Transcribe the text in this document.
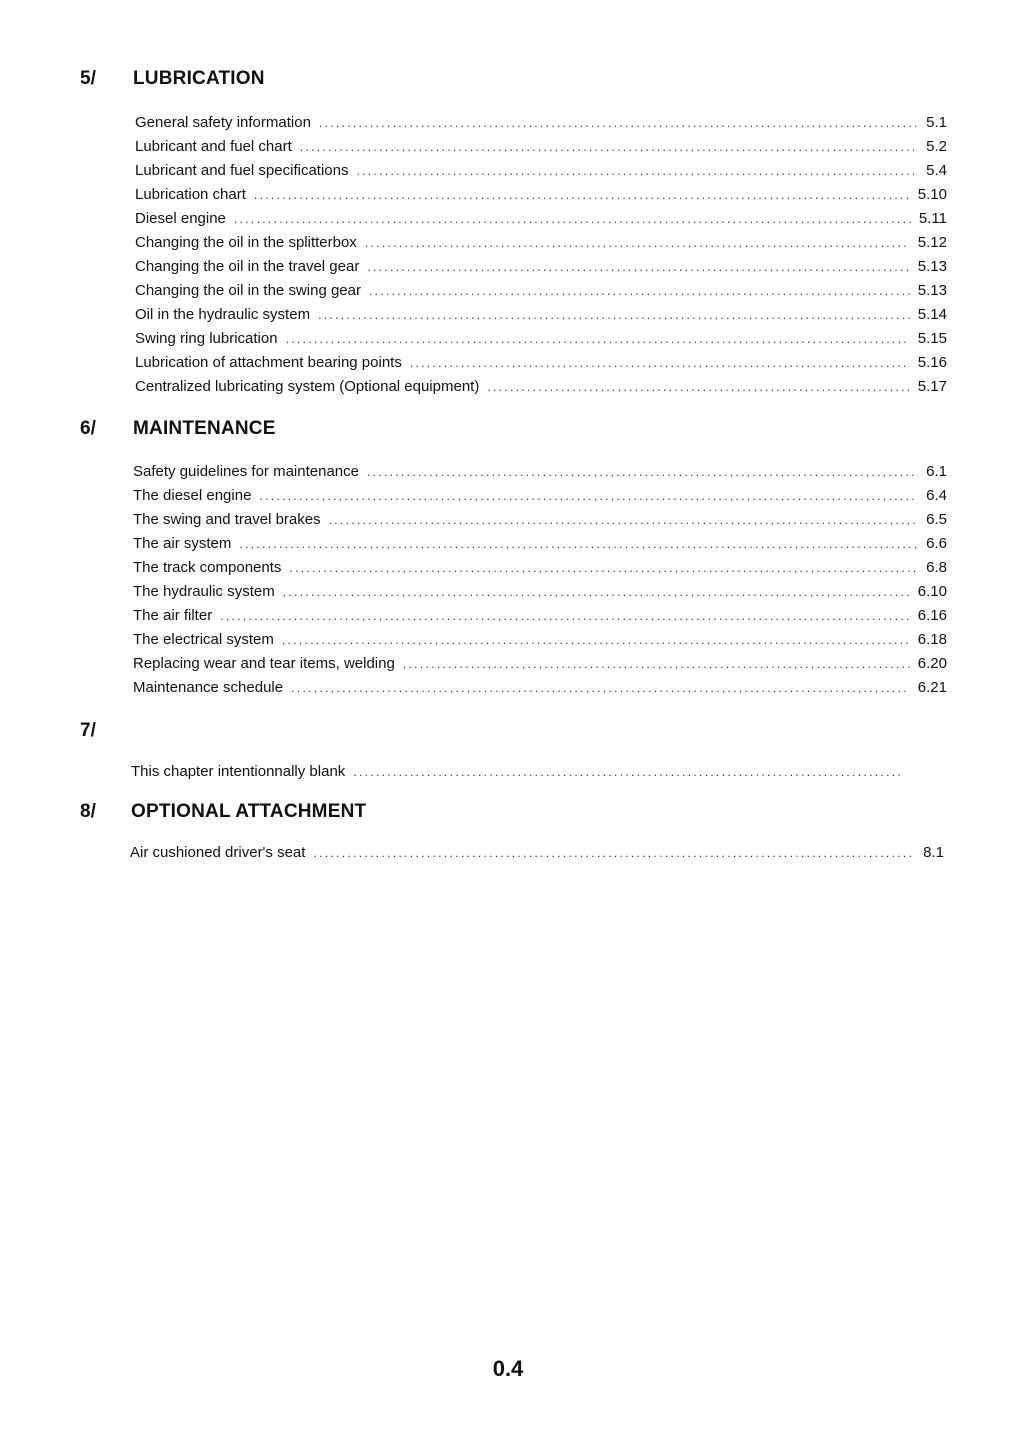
5/ LUBRICATION
General safety information . . .	5.1
Lubricant and fuel chart . . .	5.2
Lubricant and fuel specifications . . .	5.4
Lubrication chart . . .	5.10
Diesel engine . . .	5.11
Changing the oil in the splitterbox . . .	5.12
Changing the oil in the travel gear . . .	5.13
Changing the oil in the swing gear . . .	5.13
Oil in the hydraulic system . . .	5.14
Swing ring lubrication . . .	5.15
Lubrication of attachment bearing points . . .	5.16
Centralized lubricating system (Optional equipment) . . .	5.17
6/ MAINTENANCE
Safety guidelines for maintenance . . .	6.1
The diesel engine . . .	6.4
The swing and travel brakes . . .	6.5
The air system . . .	6.6
The track components . . .	6.8
The hydraulic system . . .	6.10
The air filter . . .	6.16
The electrical system . . .	6.18
Replacing wear and tear items, welding . . .	6.20
Maintenance schedule . . .	6.21
7/
This chapter intentionnally blank
. . .
8/ OPTIONAL ATTACHMENT
Air cushioned driver's seat . . .	8.1
0.4
